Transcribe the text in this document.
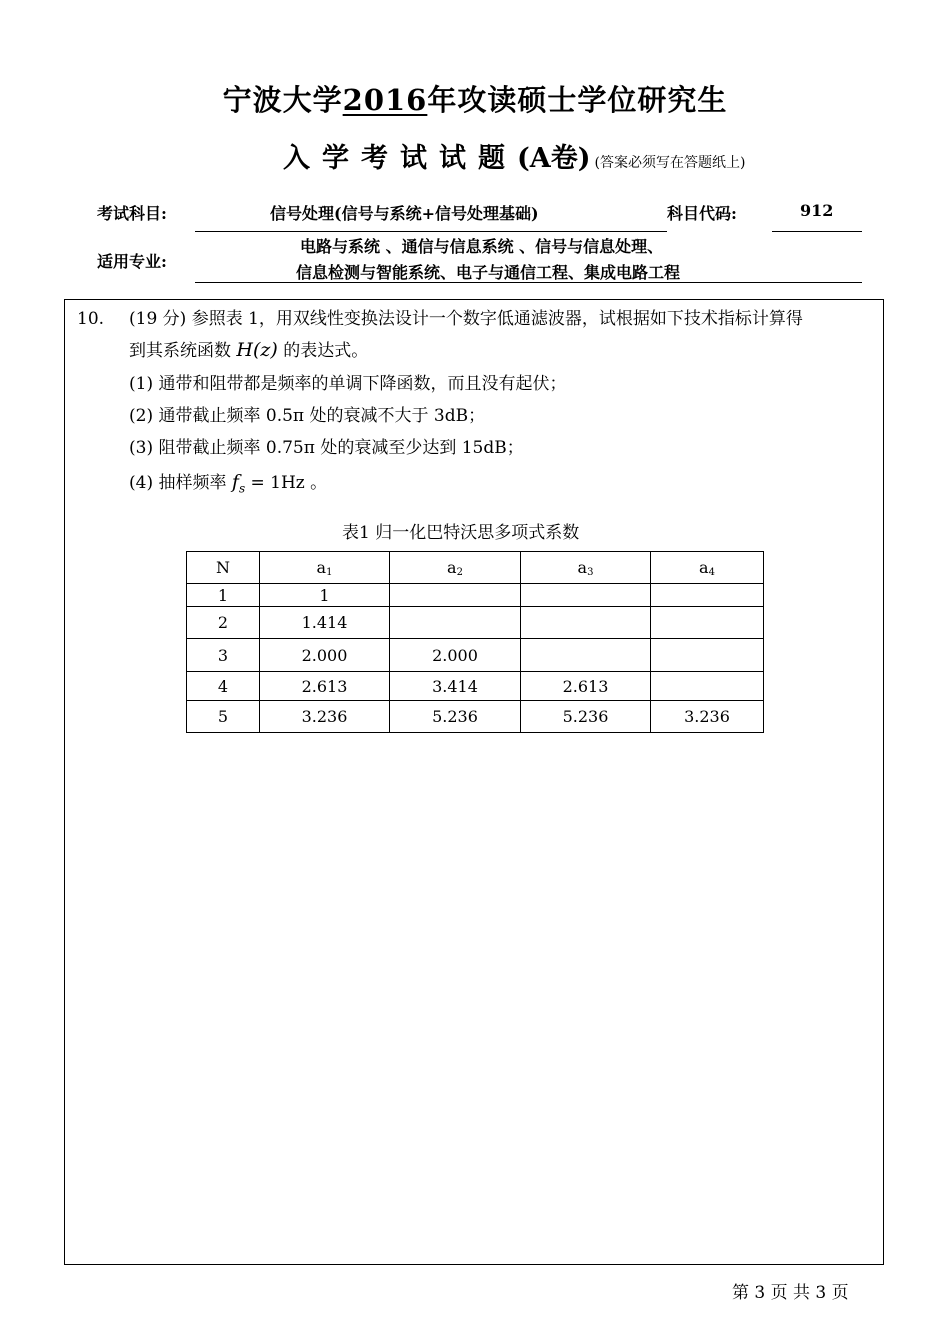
宁波大学2016年攻读硕士学位研究生
入学考试试题(A卷) (答案必须写在答题纸上)
考试科目:	信号处理(信号与系统+信号处理基础)	科目代码:	912
适用专业:
电路与系统 、通信与信息系统 、信号与信息处理、
信息检测与智能系统、电子与通信工程、集成电路工程
10. (19 分) 参照表 1，用双线性变换法设计一个数字低通滤波器，试根据如下技术指标计算得
到其系统函数 H(z) 的表达式。
(1) 通带和阻带都是频率的单调下降函数，而且没有起伏；
(2) 通带截止频率 0.5π 处的衰减不大于 3dB；
(3) 阻带截止频率 0.75π 处的衰减至少达到 15dB；
(4) 抽样频率 $f_s = 1Hz$ 。
表1 归一化巴特沃思多项式系数
N	$a_1$	$a_2$	$a_3$	$a_4$
1	1			
2	1.414			
3	2.000	2.000		
4	2.613	3.414	2.613	
5	3.236	5.236	5.236	3.236
第 3 页 共 3 页
